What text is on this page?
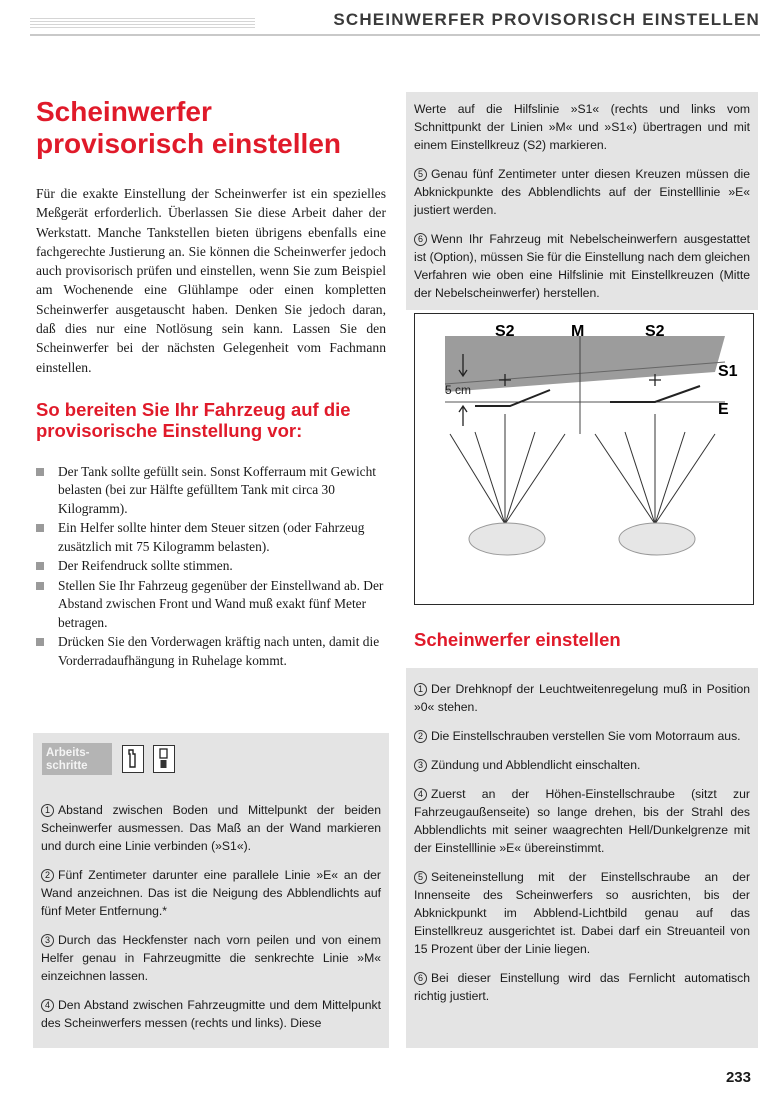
SCHEINWERFER PROVISORISCH EINSTELLEN
Scheinwerfer provisorisch einstellen

Für die exakte Einstellung der Scheinwerfer ist ein spezielles Meßgerät erforderlich. Überlassen Sie diese Arbeit daher der Werkstatt. Manche Tankstellen bieten übrigens ebenfalls eine fachgerechte Justierung an. Sie können die Scheinwerfer jedoch auch provisorisch prüfen und einstellen, wenn Sie zum Beispiel am Wochenende eine Glühlampe oder einen kompletten Scheinwerfer ausgetauscht haben. Denken Sie jedoch daran, daß dies nur eine Notlösung sein kann. Lassen Sie den Scheinwerfer bei der nächsten Gelegenheit vom Fachmann einstellen.

So bereiten Sie Ihr Fahrzeug auf die provisorische Einstellung vor:
Der Tank sollte gefüllt sein. Sonst Kofferraum mit Gewicht belasten (bei zur Hälfte gefülltem Tank mit circa 30 Kilogramm).
Ein Helfer sollte hinter dem Steuer sitzen (oder Fahrzeug zusätzlich mit 75 Kilogramm belasten).
Der Reifendruck sollte stimmen.
Stellen Sie Ihr Fahrzeug gegenüber der Einstellwand ab. Der Abstand zwischen Front und Wand muß exakt fünf Meter betragen.
Drücken Sie den Vorderwagen kräftig nach unten, damit die Vorderradaufhängung in Ruhelage kommt.
Arbeits-
schritte

1 Abstand zwischen Boden und Mittelpunkt der beiden Scheinwerfer ausmessen. Das Maß an der Wand markieren und durch eine Linie verbinden (»S1«).

2 Fünf Zentimeter darunter eine parallele Linie »E« an der Wand anzeichnen. Das ist die Neigung des Abblendlichts auf fünf Meter Entfernung.*

3 Durch das Heckfenster nach vorn peilen und von einem Helfer genau in Fahrzeugmitte die senkrechte Linie »M« einzeichnen lassen.

4 Den Abstand zwischen Fahrzeugmitte und dem Mittelpunkt des Scheinwerfers messen (rechts und links). Diese

Werte auf die Hilfslinie »S1« (rechts und links vom Schnittpunkt der Linien »M« und »S1«) übertragen und mit einem Einstellkreuz (S2) markieren.

5 Genau fünf Zentimeter unter diesen Kreuzen müssen die Abknickpunkte des Abblendlichts auf der Einstelllinie »E« justiert werden.

6 Wenn Ihr Fahrzeug mit Nebelscheinwerfern ausgestattet ist (Option), müssen Sie für die Einstellung nach dem gleichen Verfahren wie oben eine Hilfslinie mit Einstellkreuzen (Mitte der Nebelscheinwerfer) herstellen.

S2	M	S2
S1
E
5 cm
Scheinwerfer einstellen

1 Der Drehknopf der Leuchtweitenregelung muß in Position »0« stehen.

2 Die Einstellschrauben verstellen Sie vom Motorraum aus.

3 Zündung und Abblendlicht einschalten.

4 Zuerst an der Höhen-Einstellschraube (sitzt zur Fahrzeugaußenseite) so lange drehen, bis der Strahl des Abblendlichts mit seiner waagrechten Hell/Dunkelgrenze mit der Einstelllinie »E« übereinstimmt.

5 Seiteneinstellung mit der Einstellschraube an der Innenseite des Scheinwerfers so ausrichten, bis der Abknickpunkt im Abblend-Lichtbild genau auf das Einstellkreuz ausgerichtet ist. Dabei darf ein Streuanteil von 15 Prozent über der Linie liegen.

6 Bei dieser Einstellung wird das Fernlicht automatisch richtig justiert.

233
